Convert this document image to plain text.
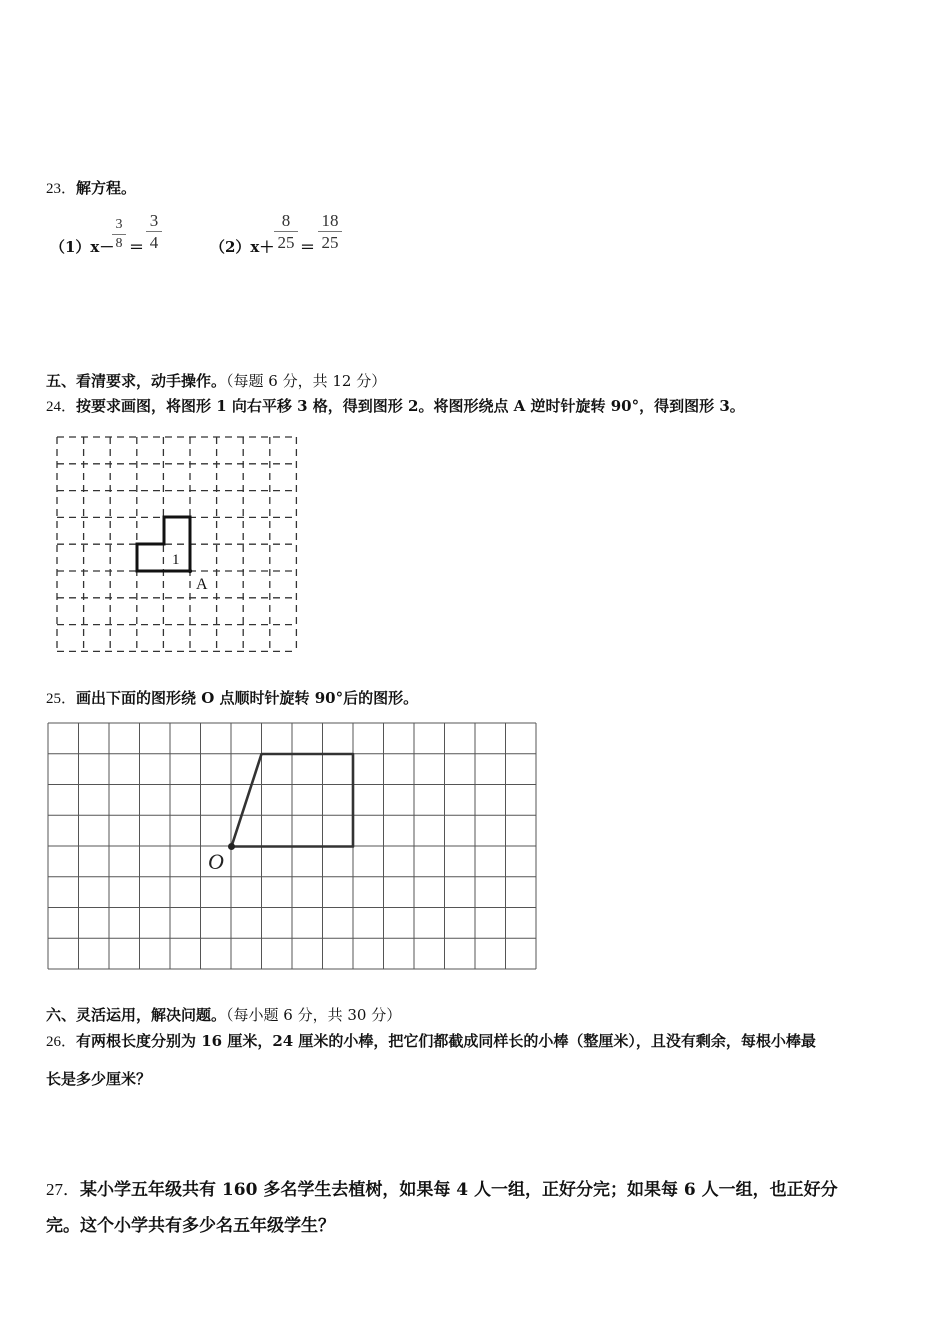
23．解方程。
（1）x－
3
8 ＝
3
4	（2）x＋
8
25 ＝
18
25
五、看清要求，动手操作。（每题 6 分，共 12 分）
24．按要求画图，将图形 1 向右平移 3 格，得到图形 2。将图形绕点 A 逆时针旋转 90°，得到图形 3。
1
A
25．画出下面的图形绕 O 点顺时针旋转 90°后的图形。
O
六、灵活运用，解决问题。（每小题 6 分，共 30 分）
26．有两根长度分别为 16 厘米，24 厘米的小棒，把它们都截成同样长的小棒（整厘米），且没有剩余，每根小棒最
长是多少厘米？
27．某小学五年级共有 160 多名学生去植树，如果每 4 人一组，正好分完；如果每 6 人一组，也正好分
完。这个小学共有多少名五年级学生？
